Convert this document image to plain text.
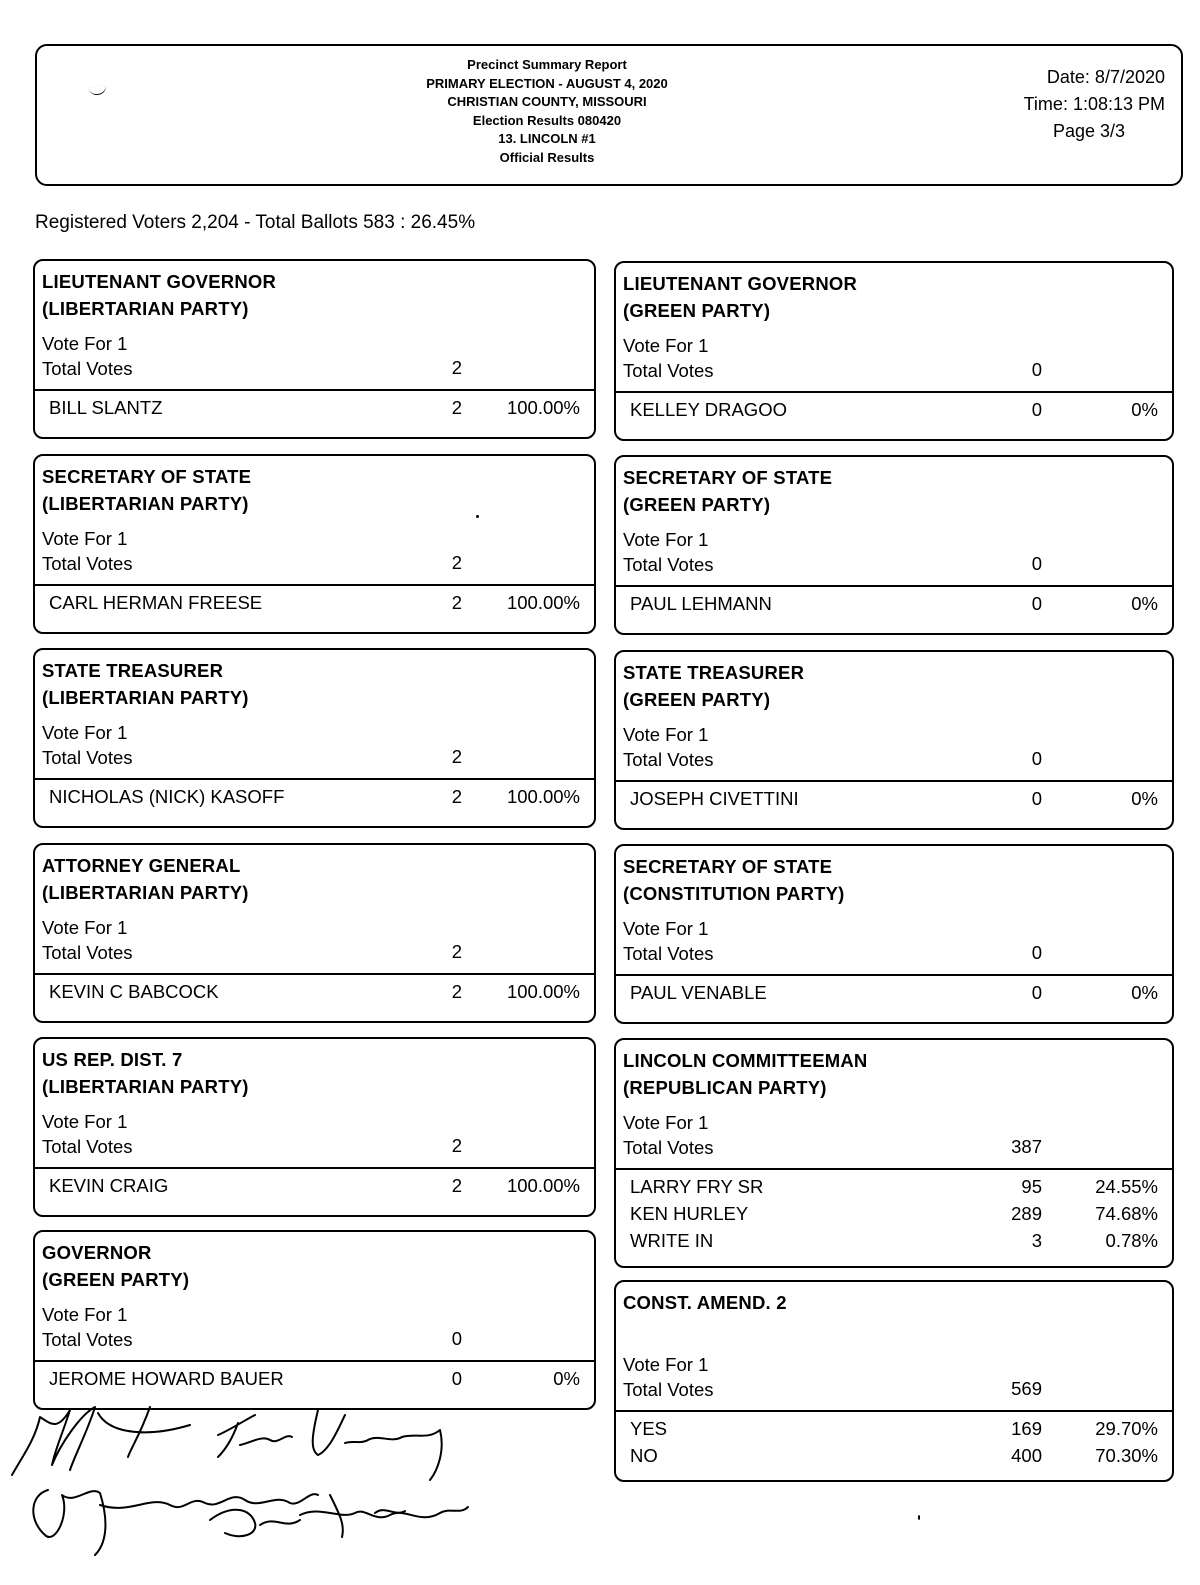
Precinct Summary Report
PRIMARY ELECTION - AUGUST 4, 2020
CHRISTIAN COUNTY, MISSOURI
Election Results 080420
13. LINCOLN #1
Official Results
Date: 8/7/2020
Time: 1:08:13 PM
Page 3/3
Registered Voters 2,204 - Total Ballots 583 : 26.45%
LIEUTENANT GOVERNOR
(LIBERTARIAN PARTY)
Vote For 1
Total Votes	2
BILL SLANTZ	2 100.00%
SECRETARY OF STATE
(LIBERTARIAN PARTY)
Vote For 1
Total Votes	2
CARL HERMAN FREESE	2 100.00%
STATE TREASURER
(LIBERTARIAN PARTY)
Vote For 1
Total Votes	2
NICHOLAS (NICK) KASOFF	2 100.00%
ATTORNEY GENERAL
(LIBERTARIAN PARTY)
Vote For 1
Total Votes	2
KEVIN C BABCOCK	2 100.00%
US REP. DIST. 7
(LIBERTARIAN PARTY)
Vote For 1
Total Votes	2
KEVIN CRAIG	2 100.00%
GOVERNOR
(GREEN PARTY)
Vote For 1
Total Votes	0
JEROME HOWARD BAUER	0	0%
LIEUTENANT GOVERNOR
(GREEN PARTY)
Vote For 1
Total Votes	0
KELLEY DRAGOO	0	0%
SECRETARY OF STATE
(GREEN PARTY)
Vote For 1
Total Votes	0
PAUL LEHMANN	0	0%
STATE TREASURER
(GREEN PARTY)
Vote For 1
Total Votes	0
JOSEPH CIVETTINI	0	0%
SECRETARY OF STATE
(CONSTITUTION PARTY)
Vote For 1
Total Votes	0
PAUL VENABLE	0	0%
LINCOLN COMMITTEEMAN
(REPUBLICAN PARTY)
Vote For 1
Total Votes	387
LARRY FRY SR	95	24.55%
KEN HURLEY	289	74.68%
WRITE IN	3	0.78%
CONST. AMEND. 2
Vote For 1
Total Votes	569
YES	169	29.70%
NO	400	70.30%
